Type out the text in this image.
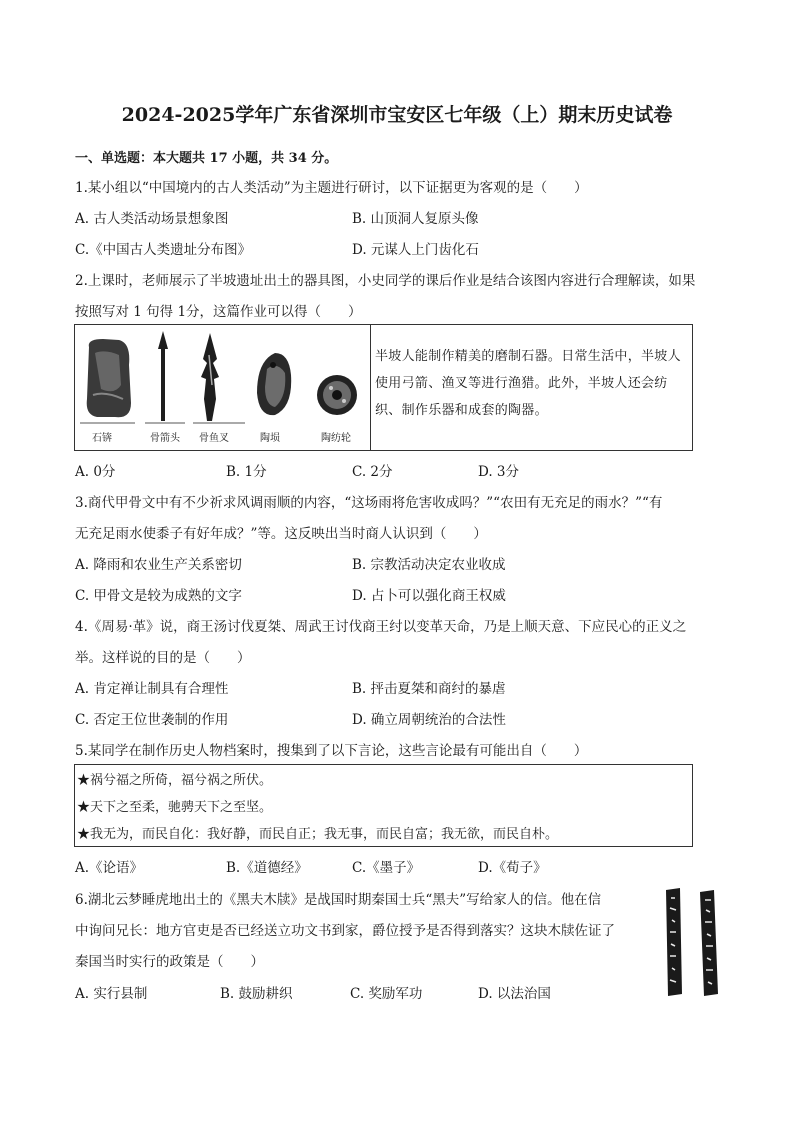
2024-2025学年广东省深圳市宝安区七年级（上）期末历史试卷
一、单选题：本大题共 17 小题，共 34 分。
1.某小组以“中国境内的古人类活动”为主题进行研讨，以下证据更为客观的是（　　）
A. 古人类活动场景想象图	B. 山顶洞人复原头像
C.《中国古人类遗址分布图》	D. 元谋人上门齿化石
2.上课时，老师展示了半坡遗址出土的器具图，小史同学的课后作业是结合该图内容进行合理解读，如果
按照写对 1 句得 1分，这篇作业可以得（　　）
石锛	骨箭头 骨鱼叉	陶埙	陶纺轮
半坡人能制作精美的磨制石器。日常生活中，半坡人使用弓箭、渔叉等进行渔猎。此外，半坡人还会纺织、制作乐器和成套的陶器。
A. 0分	B. 1分	C. 2分	D. 3分
3.商代甲骨文中有不少祈求风调雨顺的内容，“这场雨将危害收成吗？”“农田有无充足的雨水？”“有
无充足雨水使黍子有好年成？”等。这反映出当时商人认识到（　　）
A. 降雨和农业生产关系密切	B. 宗教活动决定农业收成
C. 甲骨文是较为成熟的文字	D. 占卜可以强化商王权威
4.《周易·革》说，商王汤讨伐夏桀、周武王讨伐商王纣以变革天命，乃是上顺天意、下应民心的正义之
举。这样说的目的是（　　）
A. 肯定禅让制具有合理性	B. 抨击夏桀和商纣的暴虐
C. 否定王位世袭制的作用	D. 确立周朝统治的合法性
5.某同学在制作历史人物档案时，搜集到了以下言论，这些言论最有可能出自（　　）
★祸兮福之所倚，福兮祸之所伏。
★天下之至柔，驰骋天下之至坚。
★我无为，而民自化：我好静，而民自正；我无事，而民自富；我无欲，而民自朴。
A.《论语》	B.《道德经》	C.《墨子》	D.《荀子》
6.湖北云梦睡虎地出土的《黑夫木牍》是战国时期秦国士兵“黑夫”写给家人的信。他在信
中询问兄长：地方官吏是否已经送立功文书到家，爵位授予是否得到落实？这块木牍佐证了
秦国当时实行的政策是（　　）
A. 实行县制	B. 鼓励耕织	C. 奖励军功	D. 以法治国
